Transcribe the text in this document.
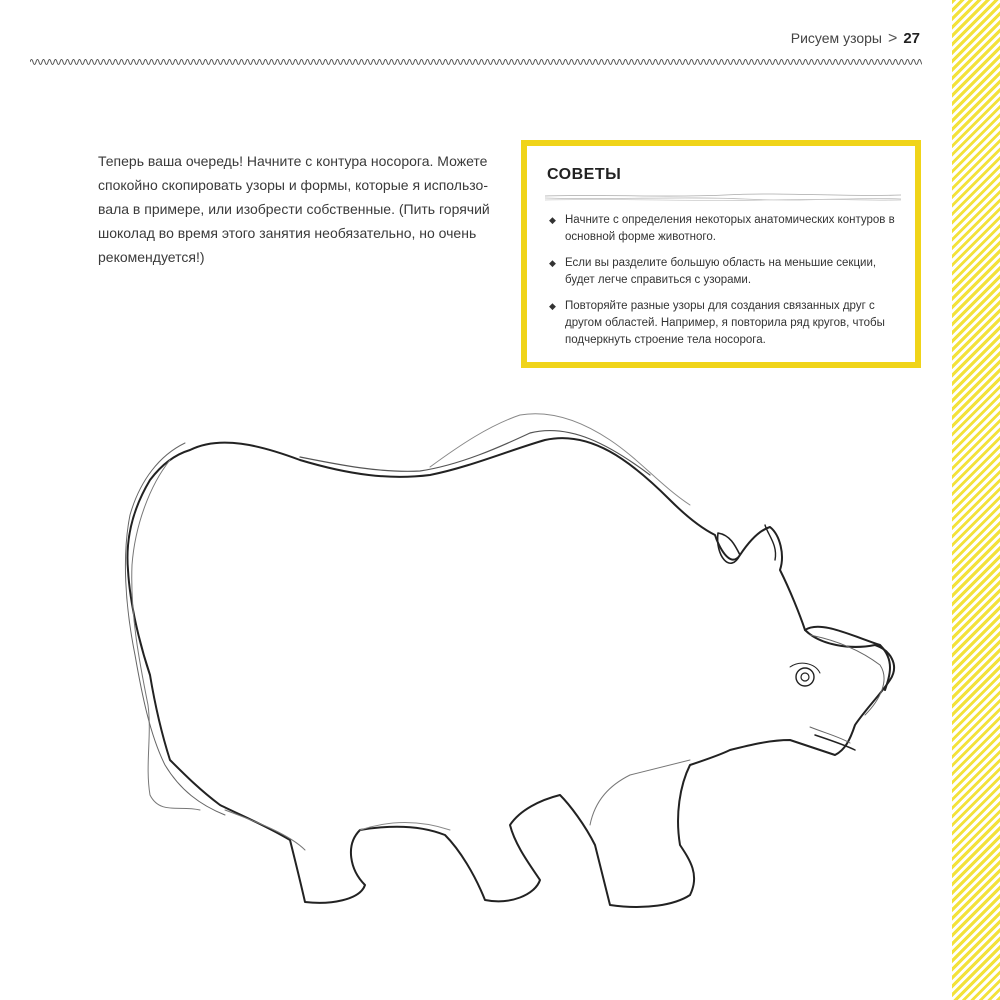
Рисуем узоры > 27

Теперь ваша очередь! Начните с контура носорога. Можете спокойно скопировать узоры и формы, которые я использовала в примере, или изобрести собственные. (Пить горячий шоколад во время этого занятия необязательно, но очень рекомендуется!)

СОВЕТЫ
◆ Начните с определения некоторых анатомических контуров в основной форме животного.
◆ Если вы разделите большую область на меньшие секции, будет легче справиться с узорами.
◆ Повторяйте разные узоры для создания связанных друг с другом областей. Например, я повторила ряд кругов, чтобы подчеркнуть строение тела носорога.
